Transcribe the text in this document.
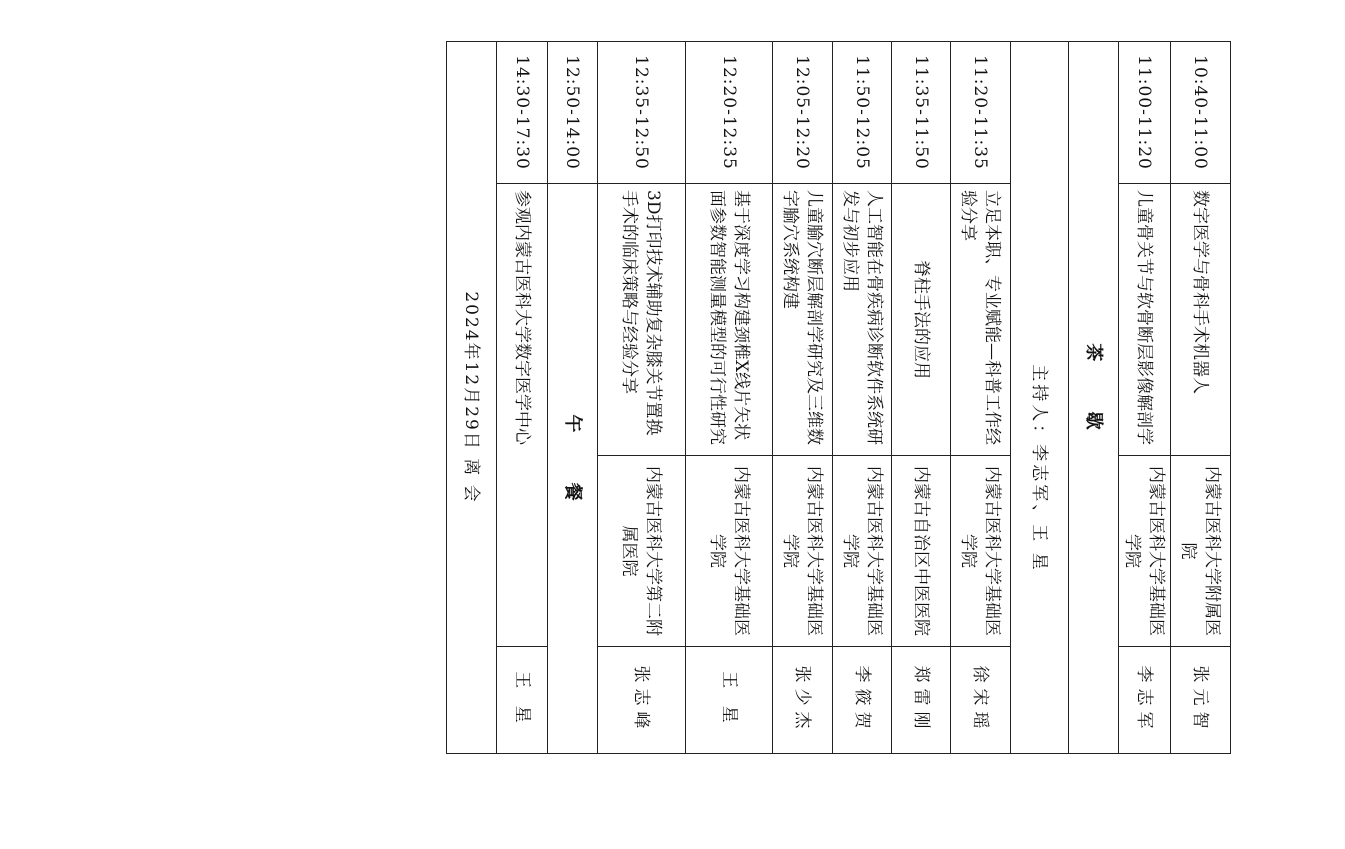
10:40-11:00
数字医学与骨科手术机器人
内蒙古医科大学附属医院
张元智
11:00-11:20
儿童骨关节与软骨断层影像解剖学
内蒙古医科大学基础医学院
李志军
茶 歇
主持人：李志军、王 星
11:20-11:35
立足本职、专业赋能—科普工作经验分享
内蒙古医科大学基础医学院
徐宋瑶
11:35-11:50
脊柱手法的应用
内蒙古自治区中医医院
郑雷刚
11:50-12:05
人工智能在骨疾病诊断软件系统研发与初步应用
内蒙古医科大学基础医学院
李筱贺
12:05-12:20
儿童腧穴断层解剖学研究及三维数字腧穴系统构建
内蒙古医科大学基础医学院
张少杰
12:20-12:35
基于深度学习构建颈椎X线片矢状面参数智能测量模型的可行性研究
内蒙古医科大学基础医学院
王 星
12:35-12:50
3D打印技术辅助复杂膝关节置换手术的临床策略与经验分享
内蒙古医科大学第二附属医院
张志峰
12:50-14:00
午 餐
14:30-17:30
参观内蒙古医科大学数字医学中心
王 星
2024年12月29日 离 会
